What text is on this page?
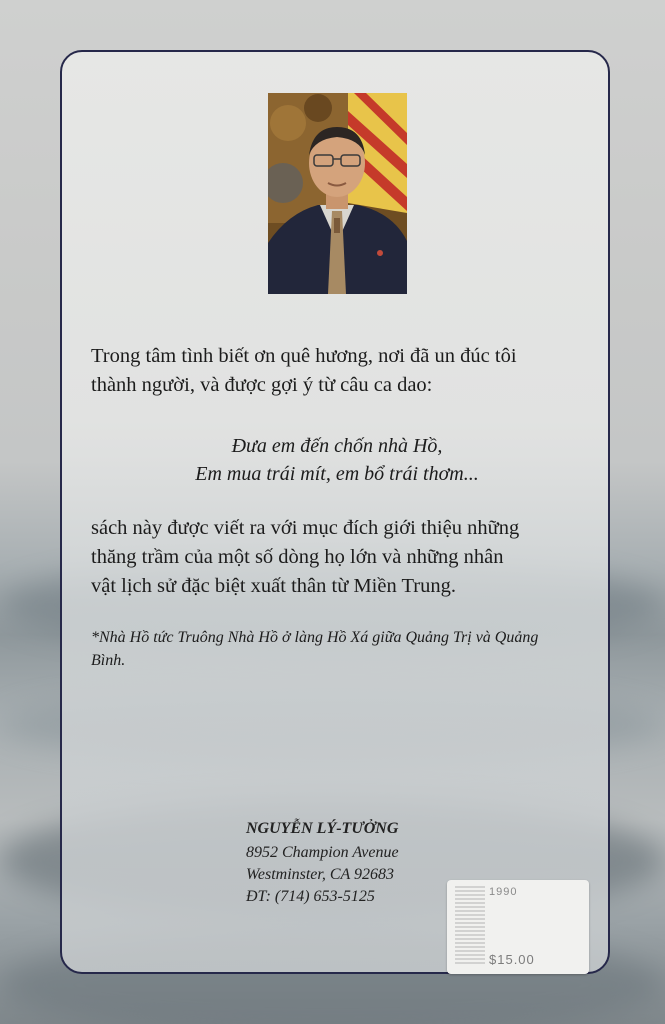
Trong tâm tình biết ơn quê hương, nơi đã un đúc tôi
thành người, và được gợi ý từ câu ca dao:
Đưa em đến chốn nhà Hồ,
Em mua trái mít, em bổ trái thơm...
sách này được viết ra với mục đích giới thiệu những
thăng trầm của một số dòng họ lớn và những nhân
vật lịch sử đặc biệt xuất thân từ Miền Trung.
*Nhà Hồ tức Truông Nhà Hồ ở làng Hồ Xá giữa Quảng Trị và Quảng
Bình.
NGUYỄN LÝ-TƯỞNG
8952 Champion Avenue
Westminster, CA 92683
ĐT: (714) 653-5125	1990
$15.00
